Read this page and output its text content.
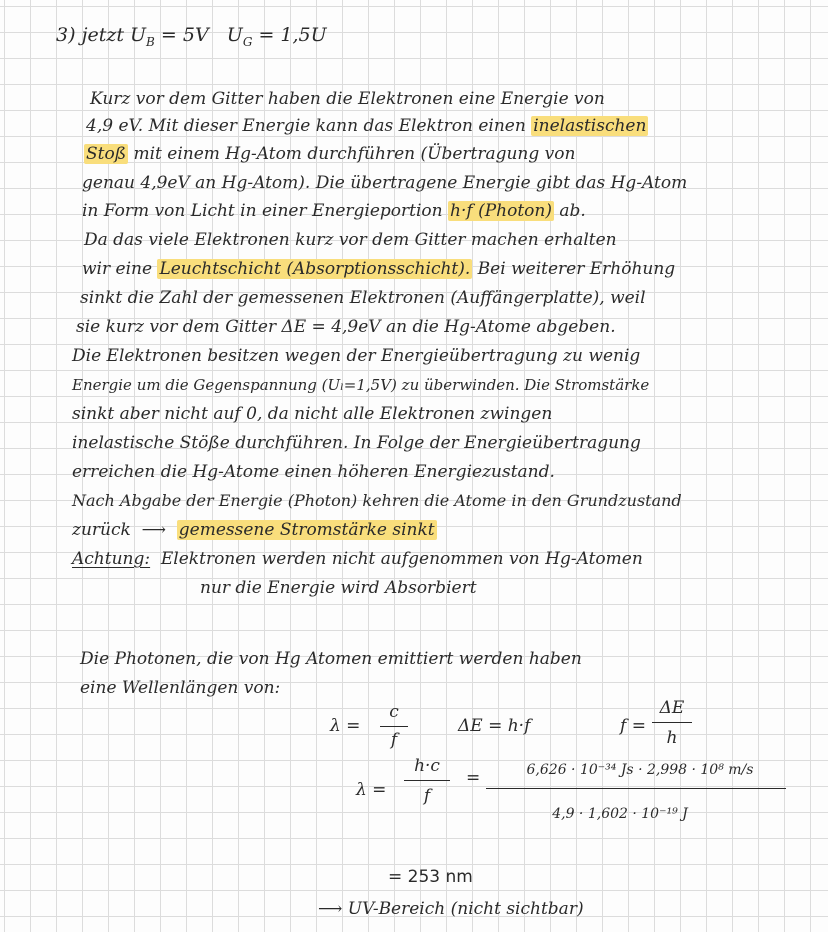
3) jetzt $U_B = 5V$   $U_G = 1,5U$
Kurz vor dem Gitter haben die Elektronen eine Energie von
4,9 eV. Mit dieser Energie kann das Elektron einen inelastischen
Stoß mit einem Hg-Atom durchführen (Übertragung von
genau 4,9eV an Hg-Atom). Die übertragene Energie gibt das Hg-Atom
in Form von Licht in einer Energieportion h·f (Photon) ab.
Da das viele Elektronen kurz vor dem Gitter machen erhalten
wir eine Leuchtschicht (Absorptionsschicht). Bei weiterer Erhöhung
sinkt die Zahl der gemessenen Elektronen (Auffängerplatte), weil
sie kurz vor dem Gitter ΔE = 4,9eV an die Hg-Atome abgeben.
Die Elektronen besitzen wegen der Energieübertragung zu wenig
Energie um die Gegenspannung (Uₗ=1,5V) zu überwinden. Die Stromstärke
sinkt aber nicht auf 0, da nicht alle Elektronen zwingen
inelastische Stöße durchführen. In Folge der Energieübertragung
erreichen die Hg-Atome einen höheren Energiezustand.
Nach Abgabe der Energie (Photon) kehren die Atome in den Grundzustand
zurück  ⟶  gemessene Stromstärke sinkt
Achtung:  Elektronen werden nicht aufgenommen von Hg-Atomen
nur die Energie wird Absorbiert
Die Photonen, die von Hg Atomen emittiert werden haben
eine Wellenlängen von:
λ =
c
f
ΔE = h·f	f =
ΔE
h
λ =
h·c
f
=	6,626 · 10⁻³⁴ Js · 2,998 · 10⁸ m/s
4,9 · 1,602 · 10⁻¹⁹ J
= 253 nm
⟶ UV-Bereich (nicht sichtbar)
